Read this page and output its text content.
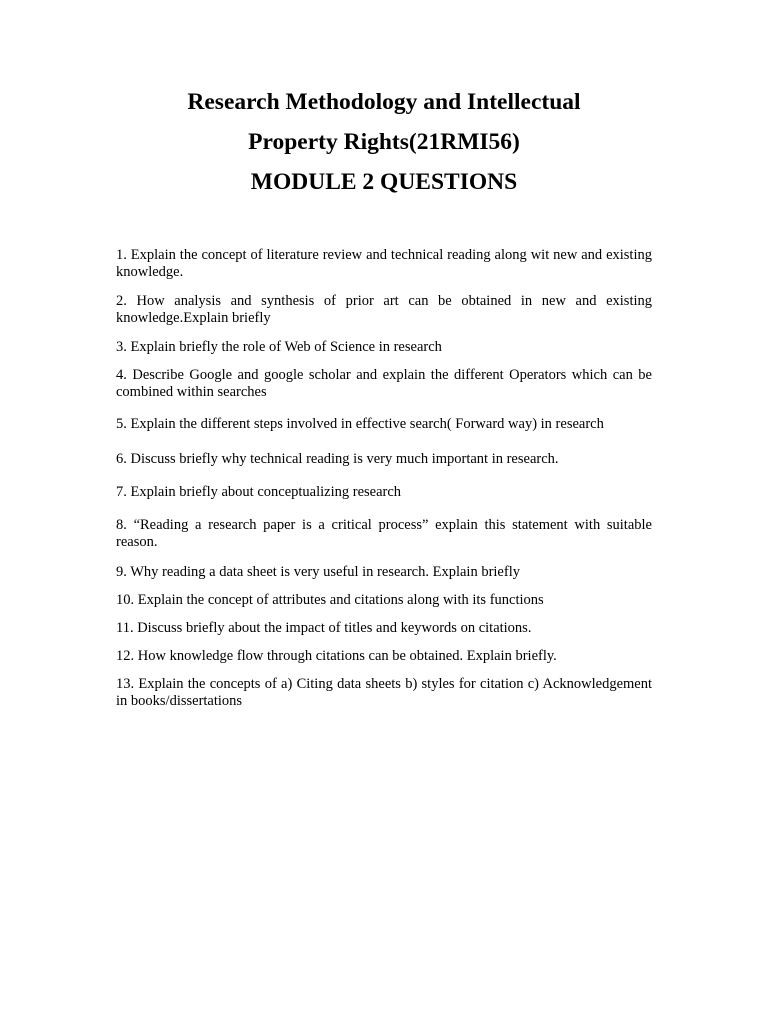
Research Methodology and Intellectual
Property Rights(21RMI56)
MODULE 2 QUESTIONS
1. Explain the concept of literature review and technical reading along wit new and existing knowledge.
2. How analysis and synthesis of prior art can be obtained in new and existing knowledge.Explain briefly
3. Explain briefly the role of Web of Science in research
4. Describe Google and google scholar and explain the different Operators which can be combined within searches
5. Explain the different steps involved in effective search( Forward way) in research
6. Discuss briefly why technical reading is very much important in research.
7. Explain briefly about conceptualizing research
8. “Reading a research paper is a critical process” explain this statement with suitable reason.
9. Why reading a data sheet is very useful in research. Explain briefly
10. Explain the concept of attributes and citations along with its functions
11. Discuss briefly about the impact of titles and keywords on citations.
12. How knowledge flow through citations can be obtained. Explain briefly.
13. Explain the concepts of a) Citing data sheets b) styles for citation c) Acknowledgement in books/dissertations
